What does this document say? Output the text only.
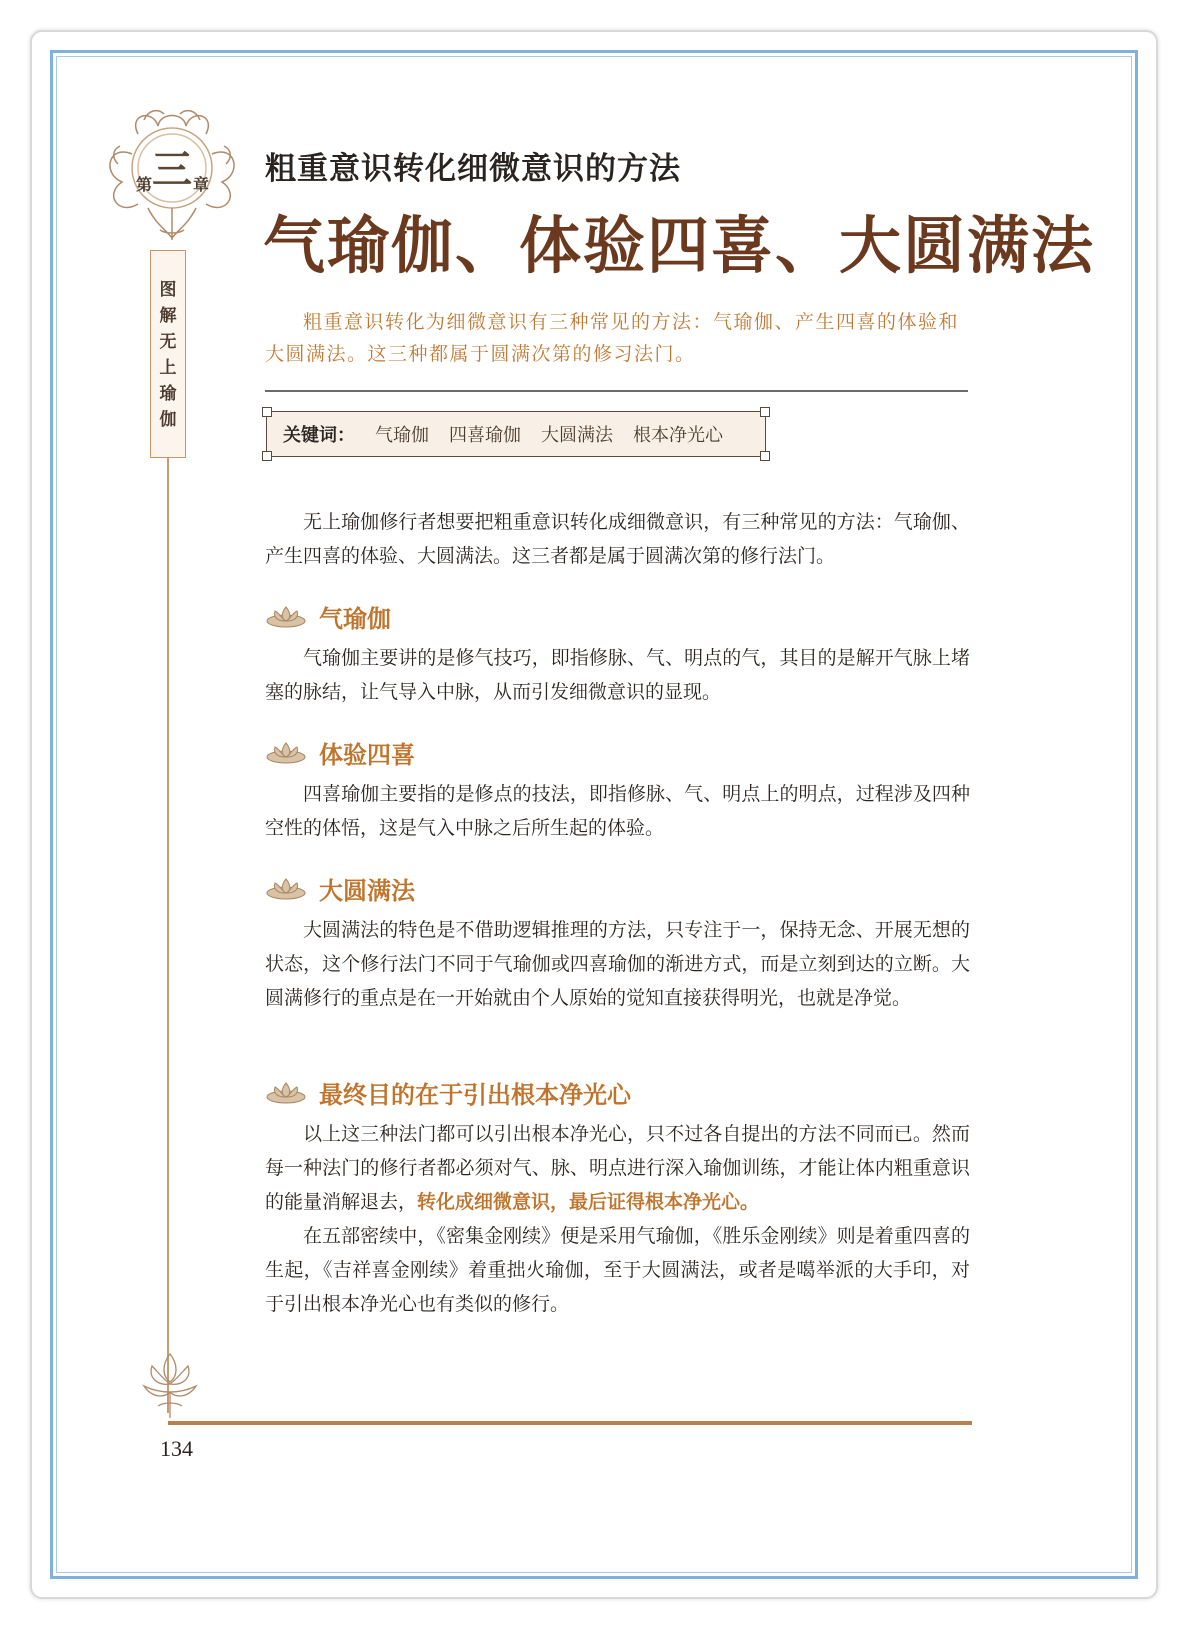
第 三 章
图
解
无
上
瑜
伽
粗重意识转化细微意识的方法
气瑜伽、体验四喜、大圆满法
粗重意识转化为细微意识有三种常见的方法：气瑜伽、产生四喜的体验和大圆满法。这三种都属于圆满次第的修习法门。
关键词： 气瑜伽 四喜瑜伽 大圆满法 根本净光心
无上瑜伽修行者想要把粗重意识转化成细微意识，有三种常见的方法：气瑜伽、产生四喜的体验、大圆满法。这三者都是属于圆满次第的修行法门。
气瑜伽
气瑜伽主要讲的是修气技巧，即指修脉、气、明点的气，其目的是解开气脉上堵塞的脉结，让气导入中脉，从而引发细微意识的显现。
体验四喜
四喜瑜伽主要指的是修点的技法，即指修脉、气、明点上的明点，过程涉及四种空性的体悟，这是气入中脉之后所生起的体验。
大圆满法
大圆满法的特色是不借助逻辑推理的方法，只专注于一，保持无念、开展无想的状态，这个修行法门不同于气瑜伽或四喜瑜伽的渐进方式，而是立刻到达的立断。大圆满修行的重点是在一开始就由个人原始的觉知直接获得明光，也就是净觉。
最终目的在于引出根本净光心
以上这三种法门都可以引出根本净光心，只不过各自提出的方法不同而已。然而每一种法门的修行者都必须对气、脉、明点进行深入瑜伽训练，才能让体内粗重意识的能量消解退去，转化成细微意识，最后证得根本净光心。
在五部密续中，《密集金刚续》便是采用气瑜伽，《胜乐金刚续》则是着重四喜的生起，《吉祥喜金刚续》着重拙火瑜伽，至于大圆满法，或者是噶举派的大手印，对于引出根本净光心也有类似的修行。
134
